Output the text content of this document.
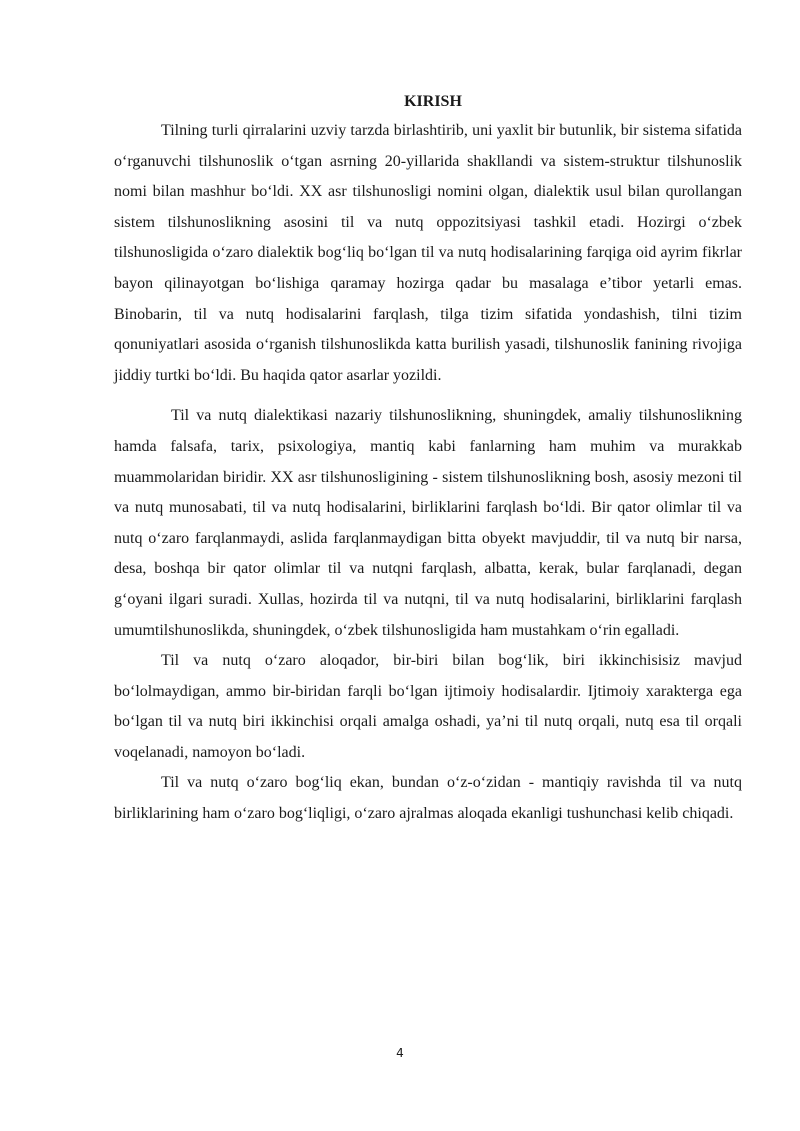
KIRISH

Tilning turli qirralarini uzviy tarzda birlashtirib, uni yaxlit bir butunlik, bir sistema sifatida o‘rganuvchi tilshunoslik o‘tgan asrning 20-yillarida shakllandi va sistem-struktur tilshunoslik nomi bilan mashhur bo‘ldi. XX asr tilshunosligi nomini olgan, dialektik usul bilan qurollangan sistem tilshunoslikning asosini til va nutq oppozitsiyasi tashkil etadi. Hozirgi o‘zbek tilshunosligida o‘zaro dialektik bog‘liq bo‘lgan til va nutq hodisalarining farqiga oid ayrim fikrlar bayon qilinayotgan bo‘lishiga qaramay hozirga qadar bu masalaga e’tibor yetarli emas. Binobarin, til va nutq hodisalarini farqlash, tilga tizim sifatida yondashish, tilni tizim qonuniyatlari asosida o‘rganish tilshunoslikda katta burilish yasadi, tilshunoslik fanining rivojiga jiddiy turtki bo‘ldi. Bu haqida qator asarlar yozildi.

Til va nutq dialektikasi nazariy tilshunoslikning, shuningdek, amaliy tilshunoslikning hamda falsafa, tarix, psixologiya, mantiq kabi fanlarning ham muhim va murakkab muammolaridan biridir. XX asr tilshunosligining - sistem tilshunoslikning bosh, asosiy mezoni til va nutq munosabati, til va nutq hodisalarini, birliklarini farqlash bo‘ldi. Bir qator olimlar til va nutq o‘zaro farqlanmaydi, aslida farqlanmaydigan bitta obyekt mavjuddir, til va nutq bir narsa, desa, boshqa bir qator olimlar til va nutqni farqlash, albatta, kerak, bular farqlanadi, degan g‘oyani ilgari suradi. Xullas, hozirda til va nutqni, til va nutq hodisalarini, birliklarini farqlash umumtilshunoslikda, shuningdek, o‘zbek tilshunosligida ham mustahkam o‘rin egalladi.

Til va nutq o‘zaro aloqador, bir-biri bilan bog‘lik, biri ikkinchisisiz mavjud bo‘lolmaydigan, ammo bir-biridan farqli bo‘lgan ijtimoiy hodisalardir. Ijtimoiy xarakterga ega bo‘lgan til va nutq biri ikkinchisi orqali amalga oshadi, ya’ni til nutq orqali, nutq esa til orqali voqelanadi, namoyon bo‘ladi.

Til va nutq o‘zaro bog‘liq ekan, bundan o‘z-o‘zidan - mantiqiy ravishda til va nutq birliklarining ham o‘zaro bog‘liqligi, o‘zaro ajralmas aloqada ekanligi tushunchasi kelib chiqadi.

4
